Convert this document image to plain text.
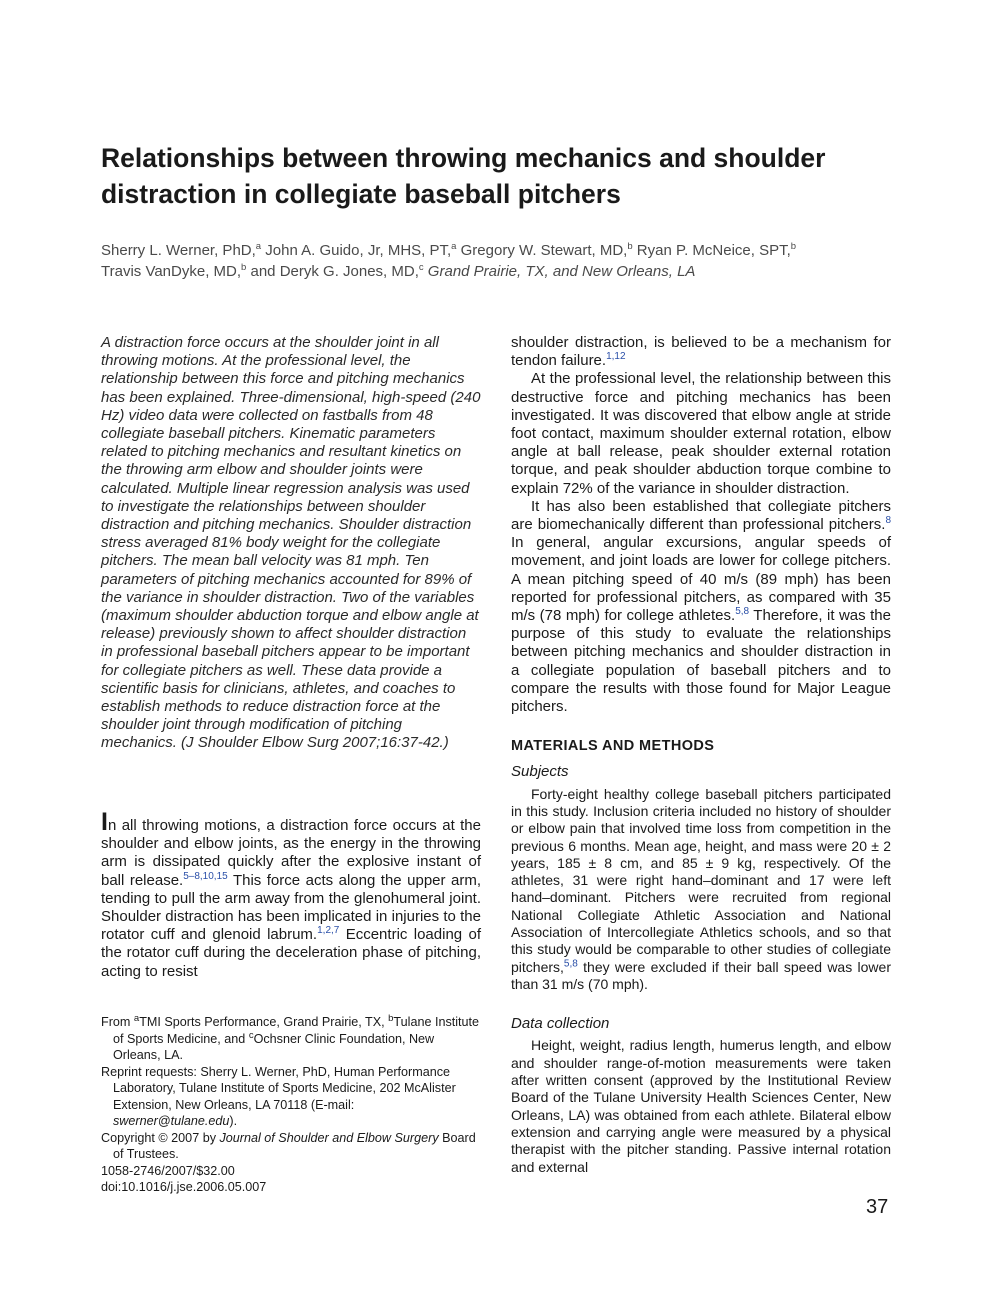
Relationships between throwing mechanics and shoulder distraction in collegiate baseball pitchers
Sherry L. Werner, PhD,$^a$ John A. Guido, Jr, MHS, PT,$^a$ Gregory W. Stewart, MD,$^b$ Ryan P. McNeice, SPT,$^b$
Travis VanDyke, MD,$^b$ and Deryk G. Jones, MD,$^c$ Grand Prairie, TX, and New Orleans, LA
A distraction force occurs at the shoulder joint in all throwing motions. At the professional level, the relationship between this force and pitching mechanics has been explained. Three-dimensional, high-speed (240 Hz) video data were collected on fastballs from 48 collegiate baseball pitchers. Kinematic parameters related to pitching mechanics and resultant kinetics on the throwing arm elbow and shoulder joints were calculated. Multiple linear regression analysis was used to investigate the relationships between shoulder distraction and pitching mechanics. Shoulder distraction stress averaged 81% body weight for the collegiate pitchers. The mean ball velocity was 81 mph. Ten parameters of pitching mechanics accounted for 89% of the variance in shoulder distraction. Two of the variables (maximum shoulder abduction torque and elbow angle at release) previously shown to affect shoulder distraction in professional baseball pitchers appear to be important for collegiate pitchers as well. These data provide a scientific basis for clinicians, athletes, and coaches to establish methods to reduce distraction force at the shoulder joint through modification of pitching mechanics. (J Shoulder Elbow Surg 2007;16:37-42.)
In all throwing motions, a distraction force occurs at the shoulder and elbow joints, as the energy in the throwing arm is dissipated quickly after the explosive instant of ball release.$^{5-8,10,15}$ This force acts along the upper arm, tending to pull the arm away from the glenohumeral joint. Shoulder distraction has been implicated in injuries to the rotator cuff and glenoid labrum.$^{1,2,7}$ Eccentric loading of the rotator cuff during the deceleration phase of pitching, acting to resist

From $^a$TMI Sports Performance, Grand Prairie, TX, $^b$Tulane Institute of Sports Medicine, and $^c$Ochsner Clinic Foundation, New Orleans, LA.

Reprint requests: Sherry L. Werner, PhD, Human Performance Laboratory, Tulane Institute of Sports Medicine, 202 McAlister Extension, New Orleans, LA 70118 (E-mail: swerner@tulane.edu).

Copyright © 2007 by Journal of Shoulder and Elbow Surgery Board of Trustees.

1058-2746/2007/$32.00

doi:10.1016/j.jse.2006.05.007

shoulder distraction, is believed to be a mechanism for tendon failure.$^{1,12}$

At the professional level, the relationship between this destructive force and pitching mechanics has been investigated. It was discovered that elbow angle at stride foot contact, maximum shoulder external rotation, elbow angle at ball release, peak shoulder external rotation torque, and peak shoulder abduction torque combine to explain 72% of the variance in shoulder distraction.

It has also been established that collegiate pitchers are biomechanically different than professional pitchers.$^8$ In general, angular excursions, angular speeds of movement, and joint loads are lower for college pitchers. A mean pitching speed of 40 m/s (89 mph) has been reported for professional pitchers, as compared with 35 m/s (78 mph) for college athletes.$^{5,8}$ Therefore, it was the purpose of this study to evaluate the relationships between pitching mechanics and shoulder distraction in a collegiate population of baseball pitchers and to compare the results with those found for Major League pitchers.

MATERIALS AND METHODS
Subjects

Forty-eight healthy college baseball pitchers participated in this study. Inclusion criteria included no history of shoulder or elbow pain that involved time loss from competition in the previous 6 months. Mean age, height, and mass were 20 ± 2 years, 185 ± 8 cm, and 85 ± 9 kg, respectively. Of the athletes, 31 were right hand–dominant and 17 were left hand–dominant. Pitchers were recruited from regional National Collegiate Athletic Association and National Association of Intercollegiate Athletics schools, and so that this study would be comparable to other studies of collegiate pitchers,$^{5,8}$ they were excluded if their ball speed was lower than 31 m/s (70 mph).

Data collection

Height, weight, radius length, humerus length, and elbow and shoulder range-of-motion measurements were taken after written consent (approved by the Institutional Review Board of the Tulane University Health Sciences Center, New Orleans, LA) was obtained from each athlete. Bilateral elbow extension and carrying angle were measured by a physical therapist with the pitcher standing. Passive internal rotation and external

37
